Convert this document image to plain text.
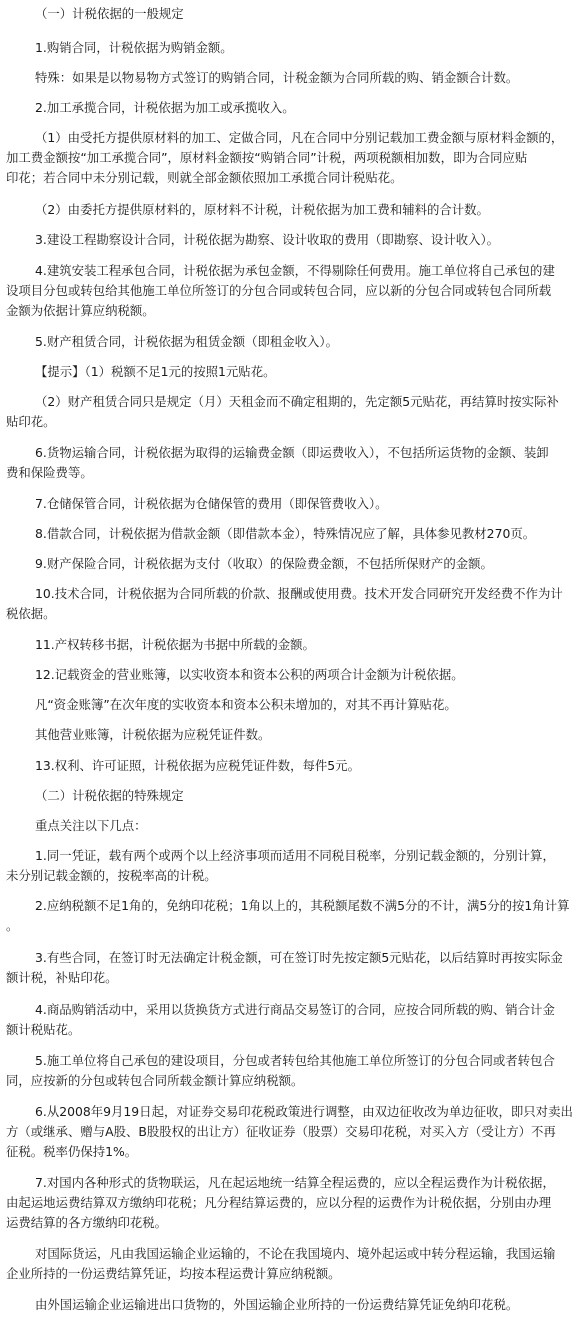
（一）计税依据的一般规定
1.购销合同，计税依据为购销金额。
特殊：如果是以物易物方式签订的购销合同，计税金额为合同所载的购、销金额合计数。
2.加工承揽合同，计税依据为加工或承揽收入。
（1）由受托方提供原材料的加工、定做合同，凡在合同中分别记载加工费金额与原材料金额的，
加工费金额按“加工承揽合同”，原材料金额按“购销合同”计税，两项税额相加数，即为合同应贴
印花；若合同中未分别记载，则就全部金额依照加工承揽合同计税贴花。
（2）由委托方提供原材料的，原材料不计税，计税依据为加工费和辅料的合计数。
3.建设工程勘察设计合同，计税依据为勘察、设计收取的费用（即勘察、设计收入）。
4.建筑安装工程承包合同，计税依据为承包金额，不得剔除任何费用。施工单位将自己承包的建
设项目分包或转包给其他施工单位所签订的分包合同或转包合同，应以新的分包合同或转包合同所载
金额为依据计算应纳税额。
5.财产租赁合同，计税依据为租赁金额（即租金收入）。
【提示】（1）税额不足1元的按照1元贴花。
（2）财产租赁合同只是规定（月）天租金而不确定租期的，先定额5元贴花，再结算时按实际补
贴印花。
6.货物运输合同，计税依据为取得的运输费金额（即运费收入），不包括所运货物的金额、装卸
费和保险费等。
7.仓储保管合同，计税依据为仓储保管的费用（即保管费收入）。
8.借款合同，计税依据为借款金额（即借款本金），特殊情况应了解，具体参见教材270页。
9.财产保险合同，计税依据为支付（收取）的保险费金额，不包括所保财产的金额。
10.技术合同，计税依据为合同所载的价款、报酬或使用费。技术开发合同研究开发经费不作为计
税依据。
11.产权转移书据，计税依据为书据中所载的金额。
12.记载资金的营业账簿，以实收资本和资本公积的两项合计金额为计税依据。
凡“资金账簿”在次年度的实收资本和资本公积未增加的，对其不再计算贴花。
其他营业账簿，计税依据为应税凭证件数。
13.权利、许可证照，计税依据为应税凭证件数，每件5元。
（二）计税依据的特殊规定
重点关注以下几点：
1.同一凭证，载有两个或两个以上经济事项而适用不同税目税率，分别记载金额的，分别计算，
未分别记载金额的，按税率高的计税。
2.应纳税额不足1角的，免纳印花税；1角以上的，其税额尾数不满5分的不计，满5分的按1角计算
。
3.有些合同，在签订时无法确定计税金额，可在签订时先按定额5元贴花，以后结算时再按实际金
额计税，补贴印花。
4.商品购销活动中，采用以货换货方式进行商品交易签订的合同，应按合同所载的购、销合计金
额计税贴花。
5.施工单位将自己承包的建设项目，分包或者转包给其他施工单位所签订的分包合同或者转包合
同，应按新的分包或转包合同所载金额计算应纳税额。
6.从2008年9月19日起，对证券交易印花税政策进行调整，由双边征收改为单边征收，即只对卖出
方（或继承、赠与A股、B股股权的出让方）征收证券（股票）交易印花税，对买入方（受让方）不再
征税。税率仍保持1%。
7.对国内各种形式的货物联运，凡在起运地统一结算全程运费的，应以全程运费作为计税依据，
由起运地运费结算双方缴纳印花税；凡分程结算运费的，应以分程的运费作为计税依据，分别由办理
运费结算的各方缴纳印花税。
对国际货运，凡由我国运输企业运输的，不论在我国境内、境外起运或中转分程运输，我国运输
企业所持的一份运费结算凭证，均按本程运费计算应纳税额。
由外国运输企业运输进出口货物的，外国运输企业所持的一份运费结算凭证免纳印花税。
